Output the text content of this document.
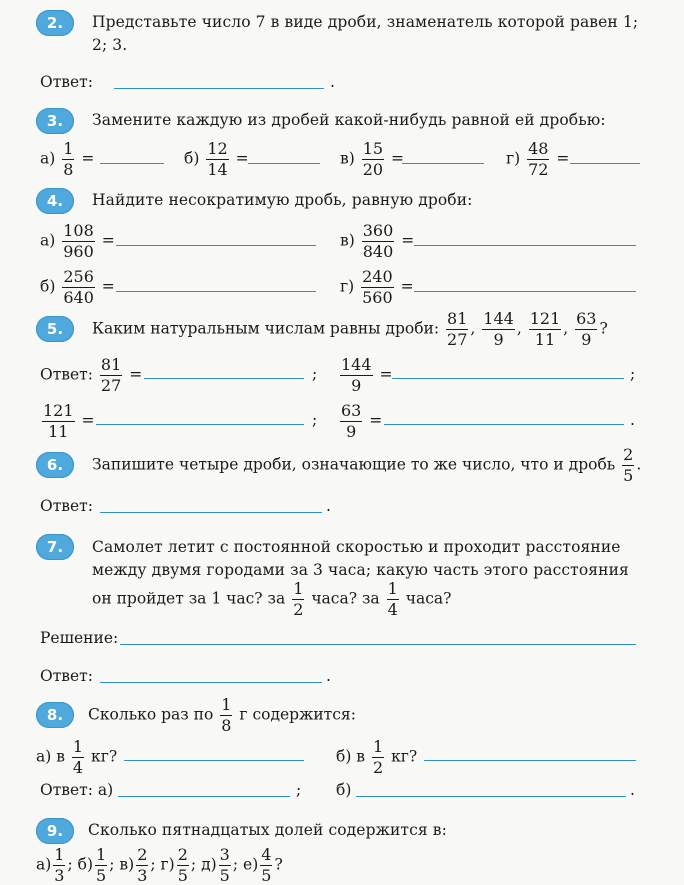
2. Представьте число 7 в виде дроби, знаменатель которой равен 1; 2; 3.
Ответ:	.
3. Замените каждую из дробей какой-нибудь равной ей дробью:
$а) \frac{1}{8}$ =	$б) \frac{12}{14}$ =	$в) \frac{15}{20}$ =	$г) \frac{48}{72}$ =
4. Найдите несократимую дробь, равную дроби:
$а) \frac{108}{960}$ =	$в) \frac{360}{840}$ =
$б) \frac{256}{640}$ =	$г) \frac{240}{560}$ =
5. Каким натуральным числам равны дроби: $\frac{81}{27}$ , $\frac{144}{9}$ , $\frac{121}{11}$ , $\frac{63}{9}$ ?
Ответ: $\frac{81}{27}$ =	; $\frac{144}{9}$ =	;
$\frac{121}{11}$ =	; $\frac{63}{9}$ =	.
6. Запишите четыре дроби, означающие то же число, что и дробь $\frac{2}{5}$ .
Ответ:	.
7. Самолет летит с постоянной скоростью и проходит расстояние
между двумя городами за 3 часа; какую часть этого расстояния
он пройдет за 1 час? за $\frac{1}{2}$ часа? за $\frac{1}{4}$ часа?
Решение:
Ответ:	.
8. Сколько раз по $\frac{1}{8}$ г содержится:
а) в $\frac{1}{4}$ кг?	б) в $\frac{1}{2}$ кг?
Ответ: а)	; б)	.
9. Сколько пятнадцатых долей содержится в:
$а) \frac{1}{3}$ ; $б) \frac{1}{5}$ ; $в) \frac{2}{3}$ ; $г) \frac{2}{5}$ ; $д) \frac{3}{5}$ ; $е) \frac{4}{5}$ ?
